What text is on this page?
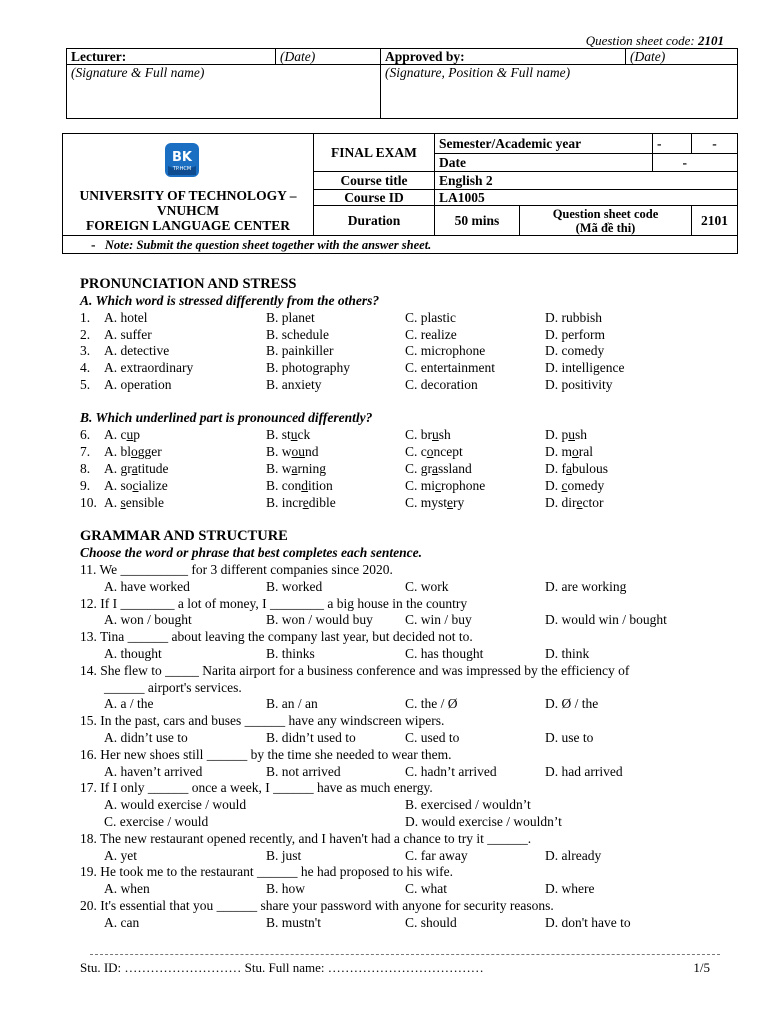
Question sheet code: 2101
Lecturer:	(Date)	Approved by:	(Date)
(Signature & Full name)		(Signature, Position & Full name)	
UNIVERSITY OF TECHNOLOGY –
VNUHCM
FOREIGN LANGUAGE CENTER	FINAL EXAM	Semester/Academic year		-	-
		Date		-	
	Course title	English 2			
	Course ID	LA1005			
	Duration	50 mins	Question sheet code
(Mã đề thi)		2101
- Note: Submit the question sheet together with the answer sheet.					
BK
TP.HCM
PRONUNCIATION AND STRESS
A. Which word is stressed differently from the others?
1. A. hotel	B. planet	C. plastic	D. rubbish
2. A. suffer	B. schedule	C. realize	D. perform
3. A. detective	B. painkiller	C. microphone	D. comedy
4. A. extraordinary	B. photography	C. entertainment	D. intelligence
5. A. operation	B. anxiety	C. decoration	D. positivity
B. Which underlined part is pronounced differently?
6. A. cup	B. stuck	C. brush	D. push
7. A. blogger	B. wound	C. concept	D. moral
8. A. gratitude	B. warning	C. grassland	D. fabulous
9. A. socialize	B. condition	C. microphone	D. comedy
10. A. sensible	B. incredible	C. mystery	D. director
GRAMMAR AND STRUCTURE
Choose the word or phrase that best completes each sentence.
11. We __________ for 3 different companies since 2020.
A. have worked	B. worked	C. work	D. are working
12. If I ________ a lot of money, I ________ a big house in the country
A. won / bought	B. won / would buy C. win / buy	D. would win / bought
13. Tina ______ about leaving the company last year, but decided not to.
A. thought	B. thinks	C. has thought	D. think
14. She flew to _____ Narita airport for a business conference and was impressed by the efficiency of
______ airport's services.
A. a / the	B. an / an	C. the / Ø	D. Ø / the
15. In the past, cars and buses ______ have any windscreen wipers.
A. didn’t use to	B. didn’t used to	C. used to	D. use to
16. Her new shoes still ______ by the time she needed to wear them.
A. haven’t arrived	B. not arrived	C. hadn’t arrived	D. had arrived
17. If I only ______ once a week, I ______ have as much energy.
A. would exercise / would	B. exercised / wouldn’t
C. exercise / would	D. would exercise / wouldn’t
18. The new restaurant opened recently, and I haven't had a chance to try it ______.
A. yet	B. just	C. far away	D. already
19. He took me to the restaurant ______ he had proposed to his wife.
A. when	B. how	C. what	D. where
20. It's essential that you ______ share your password with anyone for security reasons.
A. can	B. mustn't	C. should	D. don't have to
Stu. ID: ……………………… Stu. Full name: ………………………………	1/5
